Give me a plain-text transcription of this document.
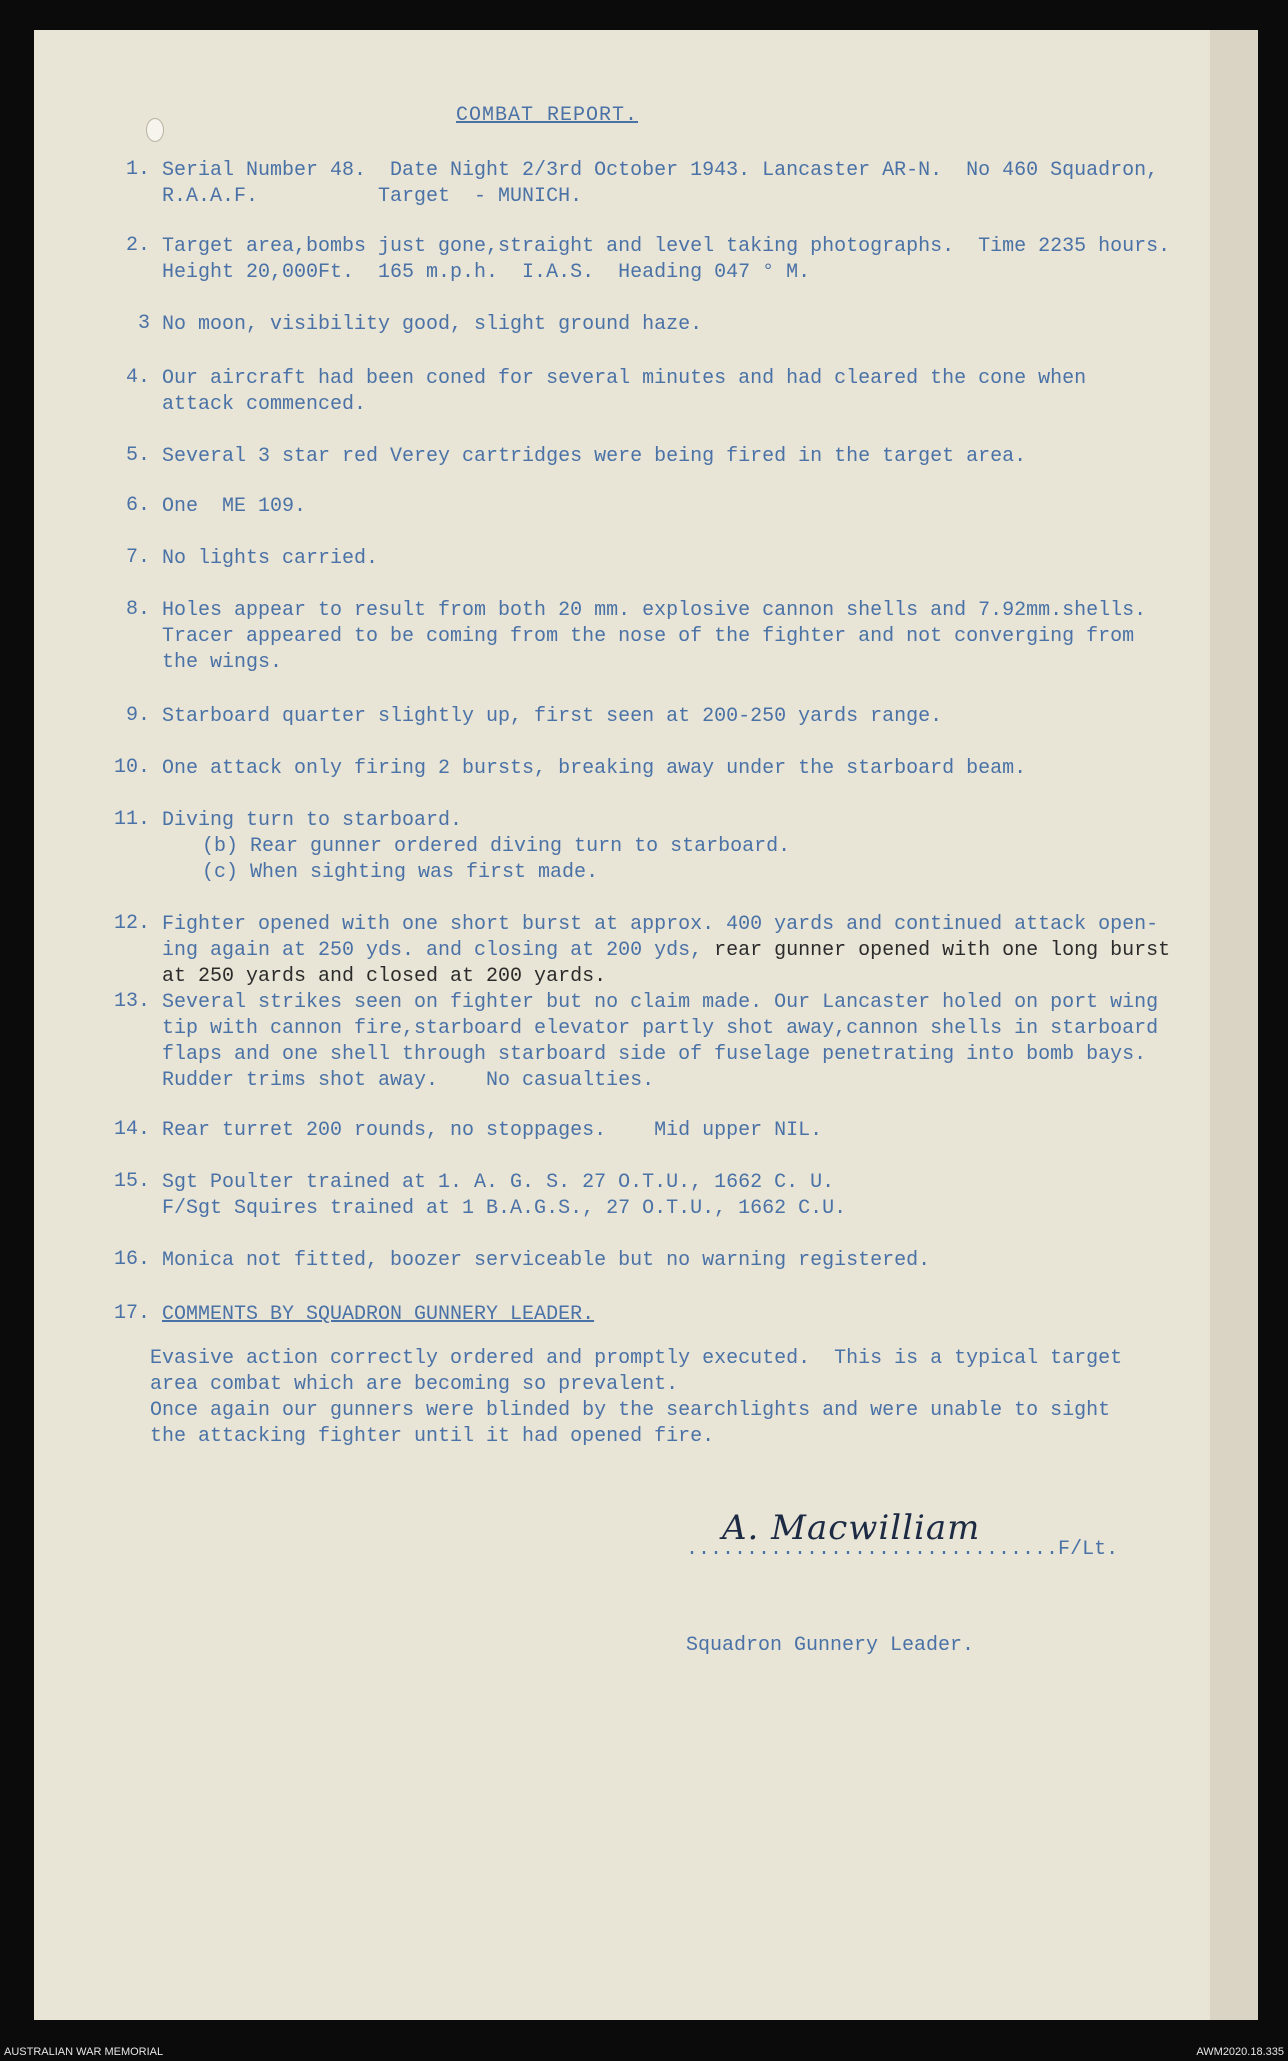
COMBAT REPORT.
1. Serial Number 48.  Date Night 2/3rd October 1943. Lancaster AR-N.  No 460 Squadron,
R.A.A.F.          Target  - MUNICH.
2. Target area,bombs just gone,straight and level taking photographs.  Time 2235 hours.
Height 20,000Ft.  165 m.p.h.  I.A.S.  Heading 047 ° M.
3 No moon, visibility good, slight ground haze.
4. Our aircraft had been coned for several minutes and had cleared the cone when
attack commenced.
5. Several 3 star red Verey cartridges were being fired in the target area.
6. One  ME 109.
7. No lights carried.
8. Holes appear to result from both 20 mm. explosive cannon shells and 7.92mm.shells.
Tracer appeared to be coming from the nose of the fighter and not converging from
the wings.
9. Starboard quarter slightly up, first seen at 200-250 yards range.
10. One attack only firing 2 bursts, breaking away under the starboard beam.
11. Diving turn to starboard.
(b) Rear gunner ordered diving turn to starboard.
(c) When sighting was first made.
12. Fighter opened with one short burst at approx. 400 yards and continued attack open-
ing again at 250 yds. and closing at 200 yds, rear gunner opened with one long burst
at 250 yards and closed at 200 yards.
13. Several strikes seen on fighter but no claim made. Our Lancaster holed on port wing
tip with cannon fire,starboard elevator partly shot away,cannon shells in starboard
flaps and one shell through starboard side of fuselage penetrating into bomb bays.
Rudder trims shot away.    No casualties.
14. Rear turret 200 rounds, no stoppages.    Mid upper NIL.
15. Sgt Poulter trained at 1. A. G. S. 27 O.T.U., 1662 C. U.
F/Sgt Squires trained at 1 B.A.G.S., 27 O.T.U., 1662 C.U.
16. Monica not fitted, boozer serviceable but no warning registered.
17. COMMENTS BY SQUADRON GUNNERY LEADER.
Evasive action correctly ordered and promptly executed.  This is a typical target
area combat which are becoming so prevalent.
Once again our gunners were blinded by the searchlights and were unable to sight
the attacking fighter until it had opened fire.
...............................F/Lt.
A. Macwilliam
Squadron Gunnery Leader.
AUSTRALIAN WAR MEMORIAL	AWM2020.18.335
